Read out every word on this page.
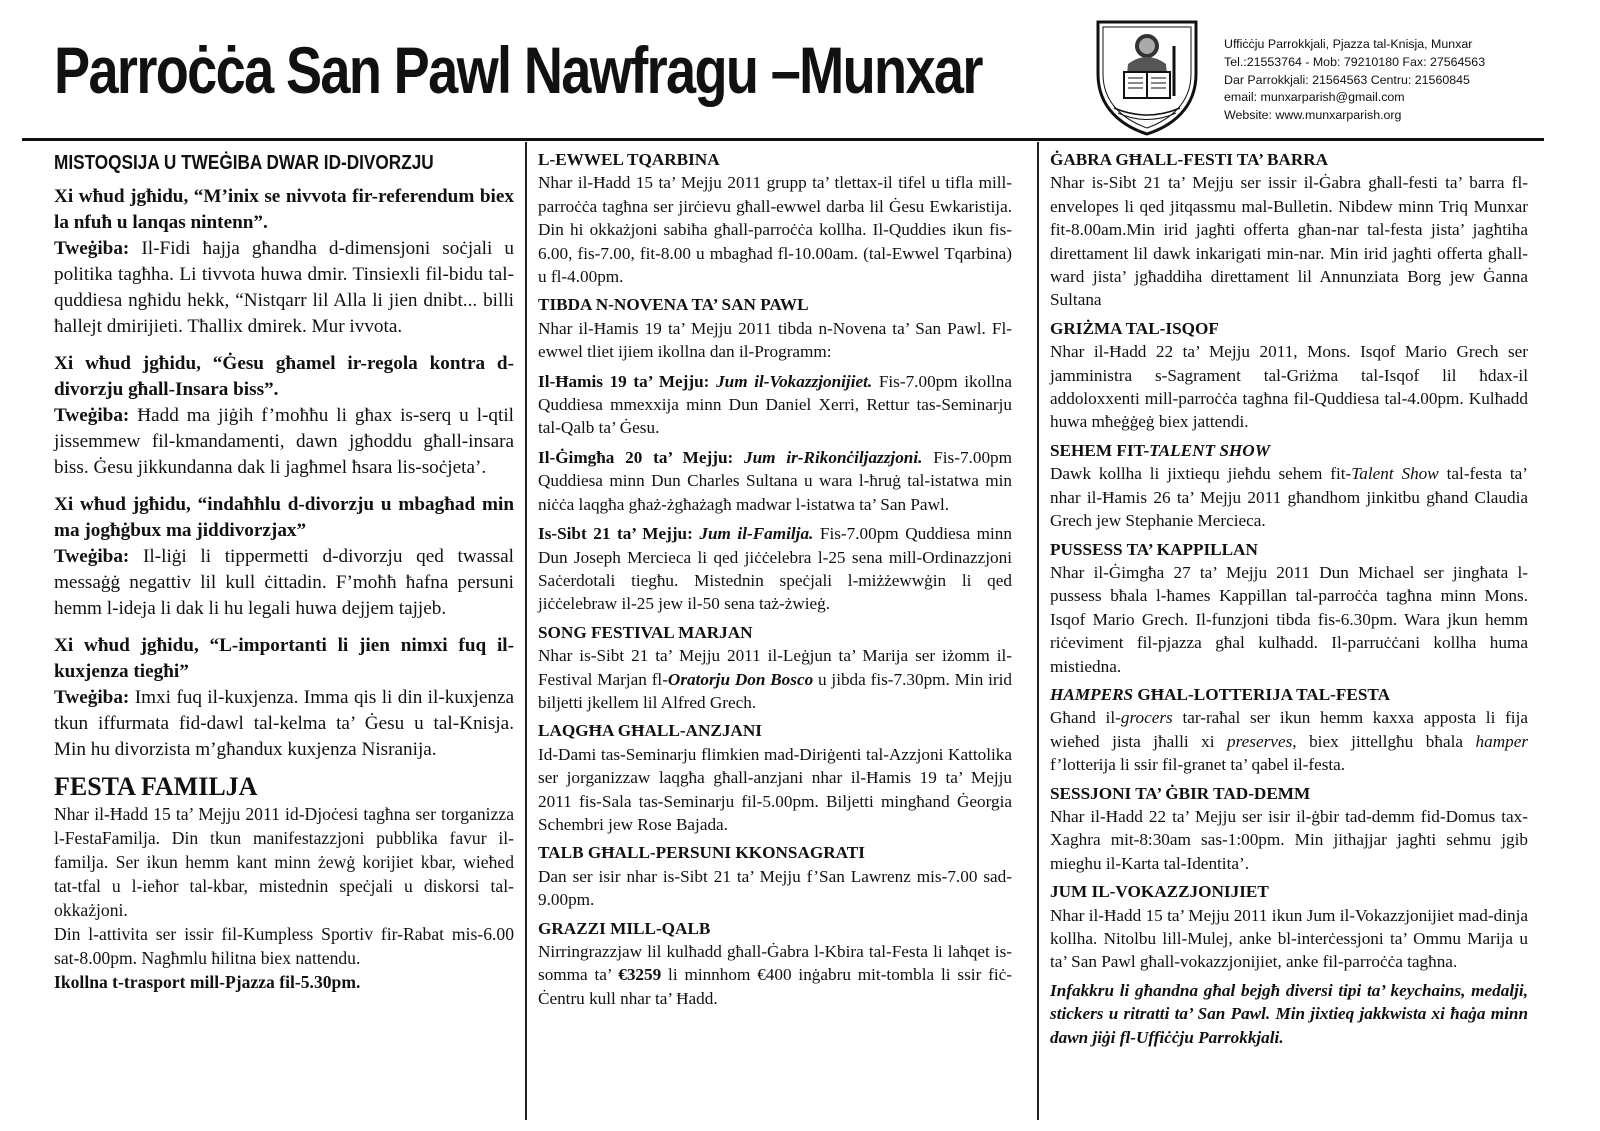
Parroċċa San Pawl Nawfragu –Munxar	Uffiċċju Parrokkjali, Pjazza tal-Knisja, Munxar
Tel.:21553764 - Mob: 79210180 Fax: 27564563
Dar Parrokkjali: 21564563 Centru: 21560845
email: munxarparish@gmail.com
Website: www.munxarparish.org
MISTOQSIJA U TWEĠIBA DWAR ID-DIVORZJU

Xi wħud jgħidu, “M’inix se nivvota fir-referendum biex la nfuħ u lanqas nintenn”.
Tweġiba: Il-Fidi ħajja għandha d-dimensjoni soċjali u politika tagħha. Li tivvota huwa dmir. Tinsiexli fil-bidu tal-quddiesa ngħidu hekk, “Nistqarr lil Alla li jien dnibt... billi ħallejt dmirijieti. Tħallix dmirek. Mur ivvota.

Xi wħud jgħidu, “Ġesu għamel ir-regola kontra d-divorzju għall-Insara biss”.
Tweġiba: Ħadd ma jiġih f’moħħu li għax is-serq u l-qtil jissemmew fil-kmandamenti, dawn jgħoddu għall-insara biss. Ġesu jikkundanna dak li jagħmel ħsara lis-soċjeta’.

Xi wħud jgħidu, “indaħħlu d-divorzju u mbagħad min ma jogħġbux ma jiddivorzjax”
Tweġiba: Il-liġi li tippermetti d-divorzju qed twassal messaġġ negattiv lil kull ċittadin. F’moħħ ħafna persuni hemm l-ideja li dak li hu legali huwa dejjem tajjeb.

Xi wħud jgħidu, “L-importanti li jien nimxi fuq il-kuxjenza tiegħi”
Tweġiba: Imxi fuq il-kuxjenza. Imma qis li din il-kuxjenza tkun iffurmata fid-dawl tal-kelma ta’ Ġesu u tal-Knisja. Min hu divorzista m’għandux kuxjenza Nisranija.

FESTA FAMILJA

Nhar il-Ħadd 15 ta’ Mejju 2011 id-Djoċesi tagħna ser torganizza l-FestaFamilja. Din tkun manifestazzjoni pubblika favur il-familja. Ser ikun hemm kant minn żewġ korijiet kbar, wieħed tat-tfal u l-ieħor tal-kbar, mistednin speċjali u diskorsi tal-okkażjoni.

Din l-attivita ser issir fil-Kumpless Sportiv fir-Rabat mis-6.00 sat-8.00pm. Nagħmlu ħilitna biex nattendu.

Ikollna t-trasport mill-Pjazza fil-5.30pm.

L-EWWEL TQARBINA

Nhar il-Ħadd 15 ta’ Mejju 2011 grupp ta’ tlettax-il tifel u tifla mill-parroċċa tagħna ser jirċievu għall-ewwel darba lil Ġesu Ewkaristija. Din hi okkażjoni sabiħa għall-parroċċa kollha. Il-Quddies ikun fis-6.00, fis-7.00, fit-8.00 u mbagħad fl-10.00am. (tal-Ewwel Tqarbina) u fl-4.00pm.

TIBDA N-NOVENA TA’ SAN PAWL

Nhar il-Ħamis 19 ta’ Mejju 2011 tibda n-Novena ta’ San Pawl. Fl-ewwel tliet ijiem ikollna dan il-Programm:

Il-Ħamis 19 ta’ Mejju: Jum il-Vokazzjonijiet. Fis-7.00pm ikollna Quddiesa mmexxija minn Dun Daniel Xerri, Rettur tas-Seminarju tal-Qalb ta’ Ġesu.

Il-Ġimgħa 20 ta’ Mejju: Jum ir-Rikonċiljazzjoni. Fis-7.00pm Quddiesa minn Dun Charles Sultana u wara l-ħruġ tal-istatwa min niċċa laqgħa għaż-żgħażagħ madwar l-istatwa ta’ San Pawl.

Is-Sibt 21 ta’ Mejju: Jum il-Familja. Fis-7.00pm Quddiesa minn Dun Joseph Mercieca li qed jiċċelebra l-25 sena mill-Ordinazzjoni Saċerdotali tiegħu. Mistednin speċjali l-miżżewwġin li qed jiċċelebraw il-25 jew il-50 sena taż-żwieġ.

SONG FESTIVAL MARJAN

Nhar is-Sibt 21 ta’ Mejju 2011 il-Leġjun ta’ Marija ser iżomm il-Festival Marjan fl-Oratorju Don Bosco u jibda fis-7.30pm. Min irid biljetti jkellem lil Alfred Grech.

LAQGĦA GĦALL-ANZJANI

Id-Dami tas-Seminarju flimkien mad-Diriġenti tal-Azzjoni Kattolika ser jorganizzaw laqgħa għall-anzjani nhar il-Ħamis 19 ta’ Mejju 2011 fis-Sala tas-Seminarju fil-5.00pm. Biljetti mingħand Ġeorgia Schembri jew Rose Bajada.

TALB GĦALL-PERSUNI KKONSAGRATI

Dan ser isir nhar is-Sibt 21 ta’ Mejju f’San Lawrenz mis-7.00 sad-9.00pm.

GRAZZI MILL-QALB

Nirringrazzjaw lil kulħadd għall-Ġabra l-Kbira tal-Festa li laħqet is-somma ta’ €3259 li minnhom €400 inġabru mit-tombla li ssir fiċ-Ċentru kull nhar ta’ Ħadd.

ĠABRA GĦALL-FESTI TA’ BARRA

Nhar is-Sibt 21 ta’ Mejju ser issir il-Ġabra għall-festi ta’ barra fl-envelopes li qed jitqassmu mal-Bulletin. Nibdew minn Triq Munxar fit-8.00am.Min irid jagħti offerta għan-nar tal-festa jista’ jagħtiha direttament lil dawk inkarigati min-nar. Min irid jagħti offerta għall-ward jista’ jgħaddiha direttament lil Annunziata Borg jew Ġanna Sultana

GRIŻMA TAL-ISQOF

Nhar il-Ħadd 22 ta’ Mejju 2011, Mons. Isqof Mario Grech ser jamministra s-Sagrament tal-Griżma tal-Isqof lil ħdax-il addoloxxenti mill-parroċċa tagħna fil-Quddiesa tal-4.00pm. Kulħadd huwa mħeġġeġ biex jattendi.

SEHEM FIT-TALENT SHOW

Dawk kollha li jixtiequ jieħdu sehem fit-Talent Show tal-festa ta’ nhar il-Ħamis 26 ta’ Mejju 2011 għandhom jinkitbu għand Claudia Grech jew Stephanie Mercieca.

PUSSESS TA’ KAPPILLAN

Nhar il-Ġimgħa 27 ta’ Mejju 2011 Dun Michael ser jingħata l-pussess bħala l-ħames Kappillan tal-parroċċa tagħna minn Mons. Isqof Mario Grech. Il-funzjoni tibda fis-6.30pm. Wara jkun hemm riċeviment fil-pjazza għal kulħadd. Il-parruċċani kollha huma mistiedna.

HAMPERS GĦAL-LOTTERIJA TAL-FESTA

Għand il-grocers tar-raħal ser ikun hemm kaxxa apposta li fija wieħed jista jħalli xi preserves, biex jittellgħu bħala hamper f’lotterija li ssir fil-granet ta’ qabel il-festa.

SESSJONI TA’ ĠBIR TAD-DEMM

Nhar il-Ħadd 22 ta’ Mejju ser isir il-ġbir tad-demm fid-Domus tax-Xaghra mit-8:30am sas-1:00pm. Min jithajjar jagħti sehmu jgib mieghu il-Karta tal-Identita’.

JUM IL-VOKAZZJONIJIET

Nhar il-Ħadd 15 ta’ Mejju 2011 ikun Jum il-Vokazzjonijiet mad-dinja kollha. Nitolbu lill-Mulej, anke bl-interċessjoni ta’ Ommu Marija u ta’ San Pawl għall-vokazzjonijiet, anke fil-parroċċa tagħna.

Infakkru li għandna għal bejgħ diversi tipi ta’ keychains, medalji, stickers u ritratti ta’ San Pawl. Min jixtieq jakkwista xi ħaġa minn dawn jiġi fl-Uffiċċju Parrokkjali.
